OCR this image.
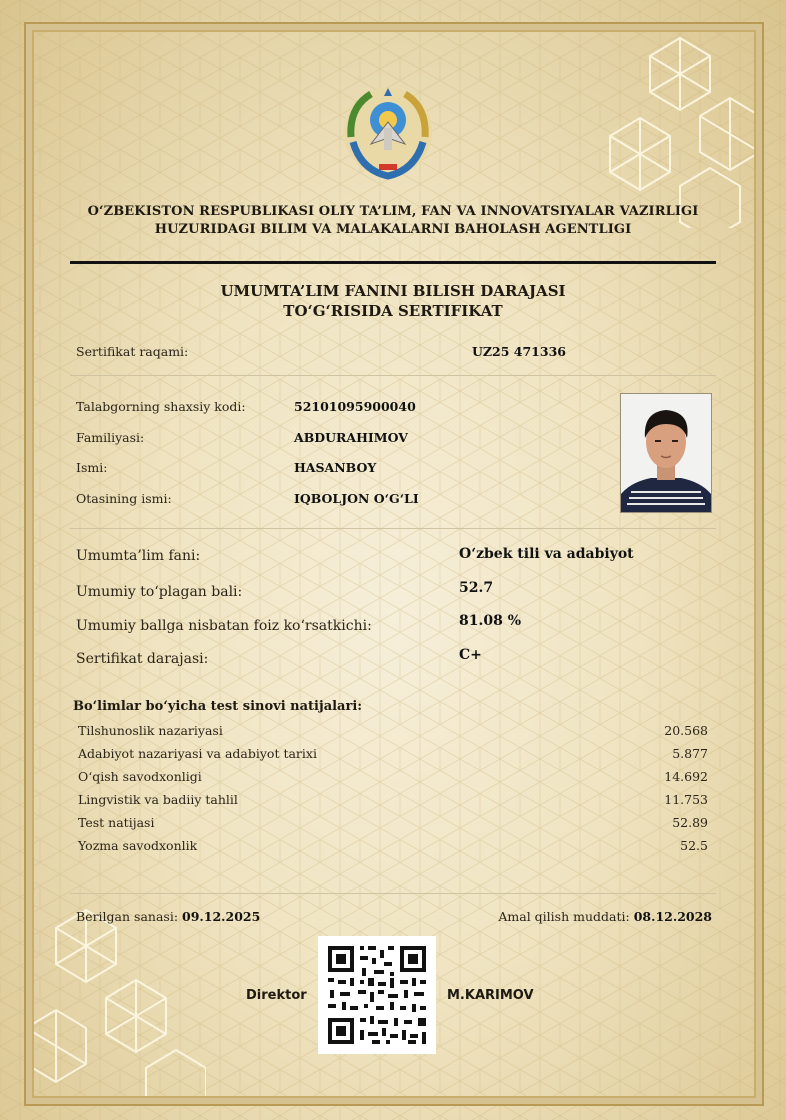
O‘ZBEKISTON RESPUBLIKASI OLIY TA’LIM, FAN VA INNOVATSIYALAR VAZIRLIGI
HUZURIDAGI BILIM VA MALAKALARNI BAHOLASH AGENTLIGI
UMUMTA’LIM FANINI BILISH DARAJASI
TO‘G‘RISIDA SERTIFIKAT
Sertifikat raqami:	UZ25 471336
Talabgorning shaxsiy kodi:	52101095900040
Familiyasi:	ABDURAHIMOV
Ismi:	HASANBOY
Otasining ismi:	IQBOLJON O‘G‘LI
Umumta’lim fani:	O‘zbek tili va adabiyot
Umumiy to‘plagan bali:	52.7
Umumiy ballga nisbatan foiz ko‘rsatkichi:	81.08 %
Sertifikat darajasi:	C+
Bo‘limlar bo‘yicha test sinovi natijalari:
Tilshunoslik nazariyasi	20.568
Adabiyot nazariyasi va adabiyot tarixi	5.877
O‘qish savodxonligi	14.692
Lingvistik va badiiy tahlil	11.753
Test natijasi	52.89
Yozma savodxonlik	52.5
Berilgan sanasi: 09.12.2025	Amal qilish muddati: 08.12.2028
Direktor	M.KARIMOV
